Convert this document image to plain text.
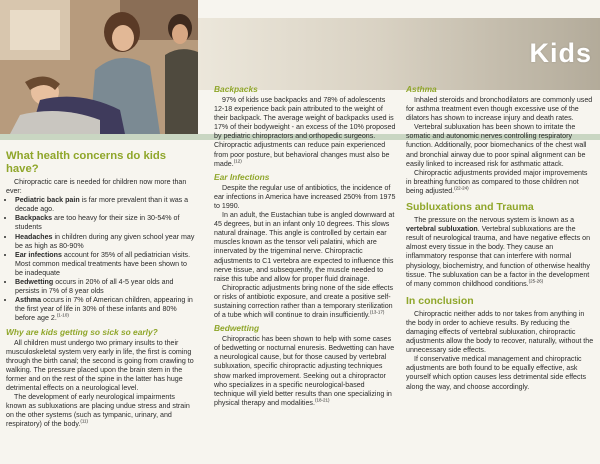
Kids
What health concerns do kids have?

Chiropractic care is needed for children now more than ever:

• Pediatric back pain is far more prevalent than it was a decade ago.
• Backpacks are too heavy for their size in 30-54% of students
• Headaches in children during any given school year may be as high as 80-90%
• Ear infections account for 35% of all pediatrician visits. Most common medical treatments have been shown to be inadequate
• Bedwetting occurs in 20% of all 4-5 year olds and persists in 7% of 8 year olds
• Asthma occurs in 7% of American children, appearing in the first year of life in 30% of these infants and 80% before age 2.$^{(1-10)}$
Why are kids getting so sick so early?

All children must undergo two primary insults to their musculoskeletal system very early in life, the first is coming through the birth canal; the second is going from crawling to walking. The pressure placed upon the brain stem in the former and on the rest of the spine in the latter has huge detrimental effects on a neurological level.

The development of early neurological impairments known as subluxations are placing undue stress and strain on the other systems (such as tympanic, urinary, and respiratory) of the body.$^{(11)}$

Backpacks

97% of kids use backpacks and 78% of adolescents 12-18 experience back pain attributed to the weight of their backpack. The average weight of backpacks used is 17% of their bodyweight - an excess of the 10% proposed by pediatric chiropractors and orthopedic surgeons. Chiropractic adjustments can reduce pain experienced from poor posture, but behavioral changes must also be made.$^{(12)}$

Ear Infections

Despite the regular use of antibiotics, the incidence of ear infections in America have increased 250% from 1975 to 1990.

In an adult, the Eustachian tube is angled downward at 45 degrees, but in an infant only 10 degrees. This slows natural drainage. This angle is controlled by certain ear muscles known as the tensor veli palatini, which are innervated by the trigeminal nerve. Chiropractic adjustments to C1 vertebra are expected to influence this nerve tissue, and subsequently, the muscle needed to raise this tube and allow for proper fluid drainage.

Chiropractic adjustments bring none of the side effects or risks of antibiotic exposure, and create a positive self-sustaining correction rather than a temporary sterilization of a tube which will continue to drain insufficiently.$^{(13-17)}$

Bedwetting

Chiropractic has been shown to help with some cases of bedwetting or nocturnal enuresis. Bedwetting can have a neurological cause, but for those caused by vertebral subluxation, specific chiropractic adjusting techniques show marked improvement. Seeking out a chiropractor who specializes in a specific neurological-based technique will yield better results than one specializing in physical therapy and modalities.$^{(18-21)}$

Asthma

Inhaled steroids and bronchodilators are commonly used for asthma treatment even though excessive use of the dilators has shown to increase injury and death rates.

Vertebral subluxation has been shown to irritate the somatic and autonomic nerves controlling respiratory function. Additionally, poor biomechanics of the chest wall and bronchial airway due to poor spinal alignment can be easily linked to increased risk for asthmatic attack.

Chiropractic adjustments provided major improvements in breathing function as compared to those children not being adjusted.$^{(22-24)}$

Subluxations and Trauma

The pressure on the nervous system is known as a vertebral subluxation. Vertebral subluxations are the result of neurological trauma, and have negative effects on almost every tissue in the body. They cause an inflammatory response that can interfere with normal physiology, biochemistry, and function of otherwise healthy tissue. The subluxation can be a factor in the development of many common childhood conditions.$^{(25-26)}$

In conclusion

Chiropractic neither adds to nor takes from anything in the body in order to achieve results. By reducing the damaging effects of vertebral subluxation, chiropractic adjustments allow the body to recover, naturally, without the unnecessary side effects.

If conservative medical management and chiropractic adjustments are both found to be equally effective, ask yourself which option causes less detrimental side effects along the way, and choose accordingly.
